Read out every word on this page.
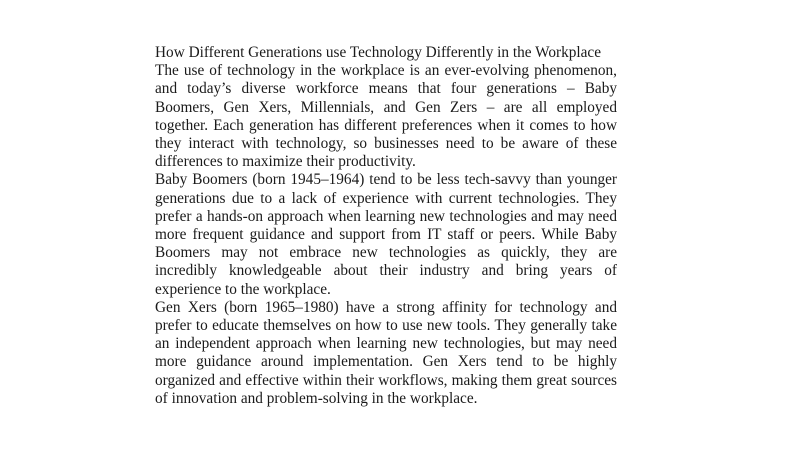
How Different Generations use Technology Differently in the Workplace

The use of technology in the workplace is an ever-evolving phenomenon, and today’s diverse workforce means that four generations – Baby Boomers, Gen Xers, Millennials, and Gen Zers – are all employed together. Each generation has different preferences when it comes to how they interact with technology, so businesses need to be aware of these differences to maximize their productivity.

Baby Boomers (born 1945–1964) tend to be less tech-savvy than younger generations due to a lack of experience with current technologies. They prefer a hands-on approach when learning new technologies and may need more frequent guidance and support from IT staff or peers. While Baby Boomers may not embrace new technologies as quickly, they are incredibly knowledgeable about their industry and bring years of experience to the workplace.

Gen Xers (born 1965–1980) have a strong affinity for technology and prefer to educate themselves on how to use new tools. They generally take an independent approach when learning new technologies, but may need more guidance around implementation. Gen Xers tend to be highly organized and effective within their workflows, making them great sources of innovation and problem-solving in the workplace.
